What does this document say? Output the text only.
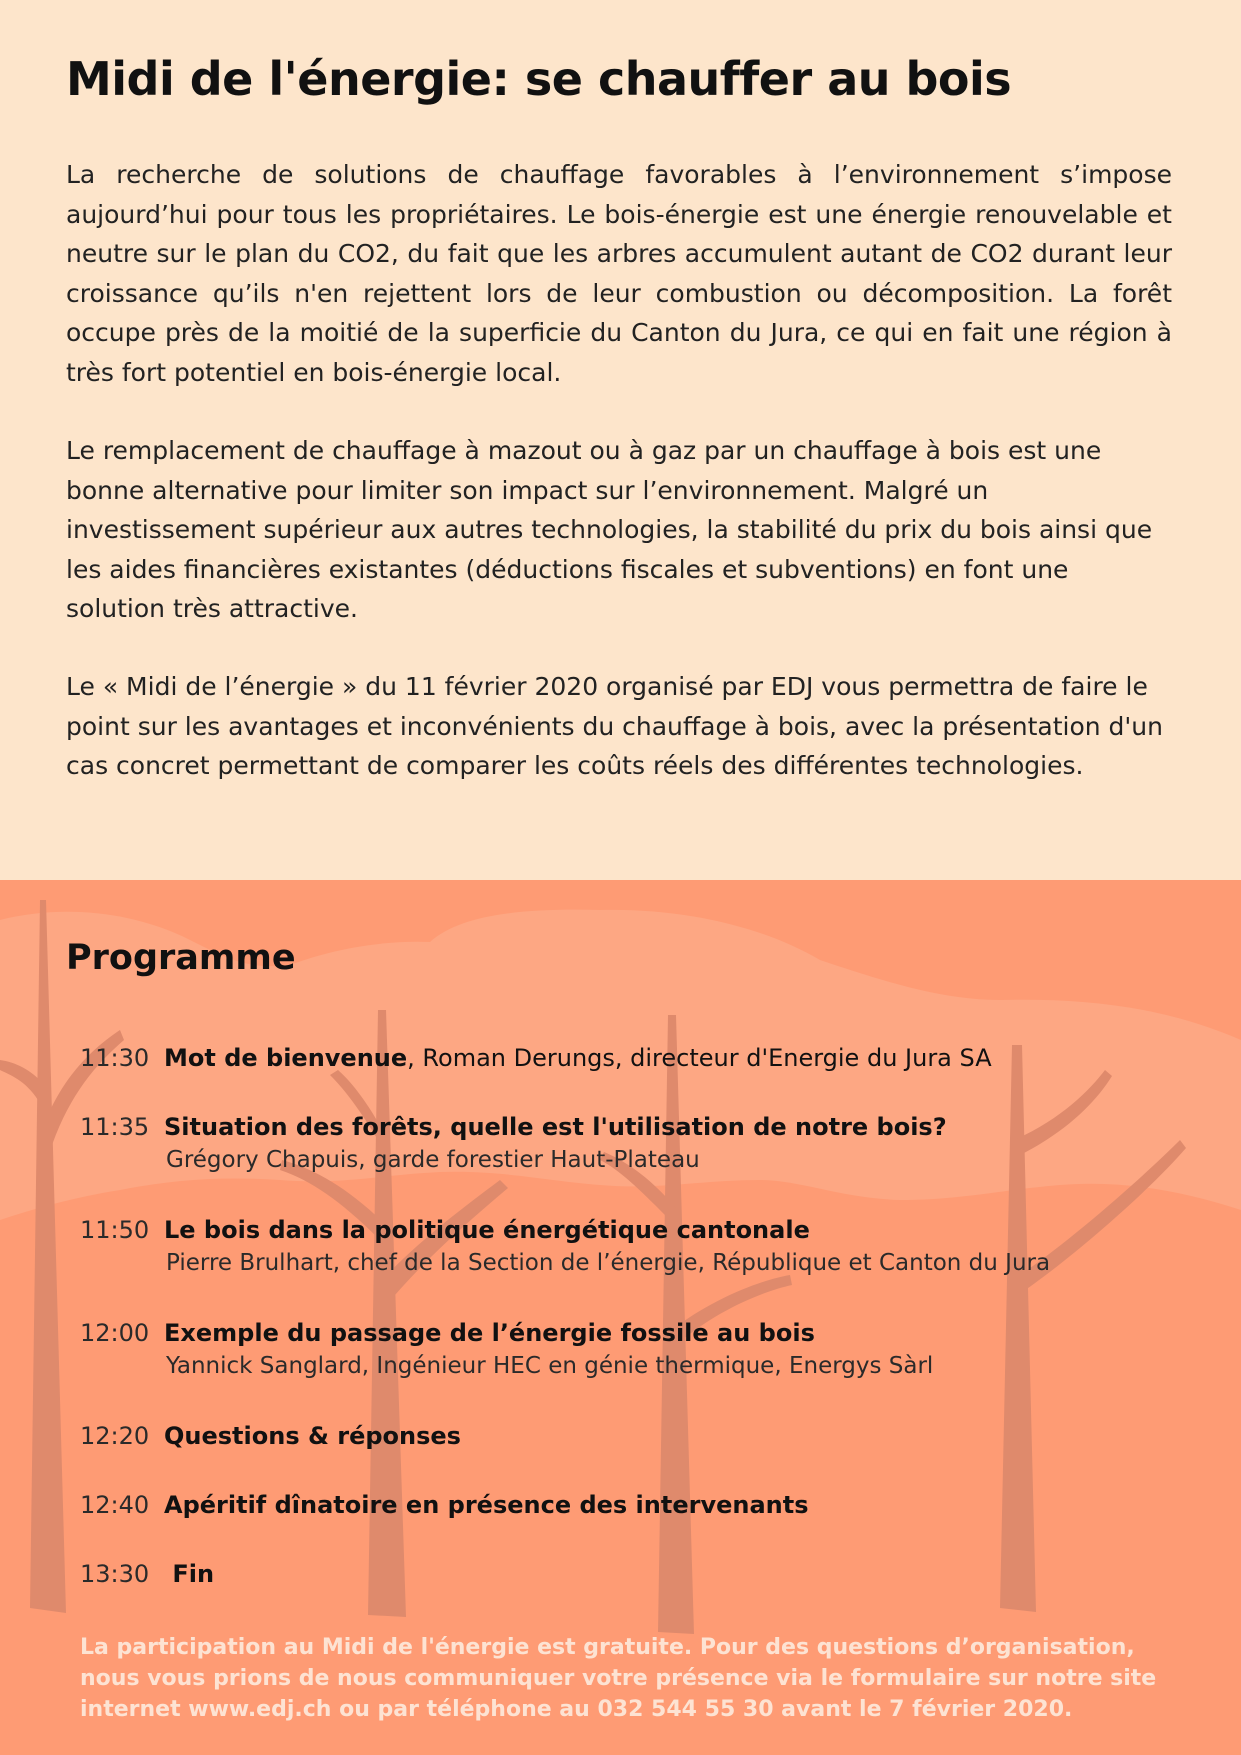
Midi de l'énergie: se chauffer au bois

La recherche de solutions de chauffage favorables à l’environnement s’impose aujourd’hui pour tous les propriétaires. Le bois-énergie est une énergie renouvelable et neutre sur le plan du CO2, du fait que les arbres accumulent autant de CO2 durant leur croissance qu’ils n'en rejettent lors de leur combustion ou décomposition. La forêt occupe près de la moitié de la superficie du Canton du Jura, ce qui en fait une région à très fort potentiel en bois-énergie local.

Le remplacement de chauffage à mazout ou à gaz par un chauffage à bois est une bonne alternative pour limiter son impact sur l’environnement. Malgré un investissement supérieur aux autres technologies, la stabilité du prix du bois ainsi que les aides financières existantes (déductions fiscales et subventions) en font une solution très attractive.

Le « Midi de l’énergie » du 11 février 2020 organisé par EDJ vous permettra de faire le point sur les avantages et inconvénients du chauffage à bois, avec la présentation d'un cas concret permettant de comparer les coûts réels des différentes technologies.

Programme
11:30 Mot de bienvenue, Roman Derungs, directeur d'Energie du Jura SA
11:35 Situation des forêts, quelle est l'utilisation de notre bois?
Grégory Chapuis, garde forestier Haut-Plateau
11:50 Le bois dans la politique énergétique cantonale
Pierre Brulhart, chef de la Section de l’énergie, République et Canton du Jura
12:00 Exemple du passage de l’énergie fossile au bois
Yannick Sanglard, Ingénieur HEC en génie thermique, Energys Sàrl
12:20 Questions & réponses
12:40 Apéritif dînatoire en présence des intervenants
13:30 Fin

La participation au Midi de l'énergie est gratuite. Pour des questions d’organisation, nous vous prions de nous communiquer votre présence via le formulaire sur notre site internet www.edj.ch ou par téléphone au 032 544 55 30 avant le 7 février 2020.
